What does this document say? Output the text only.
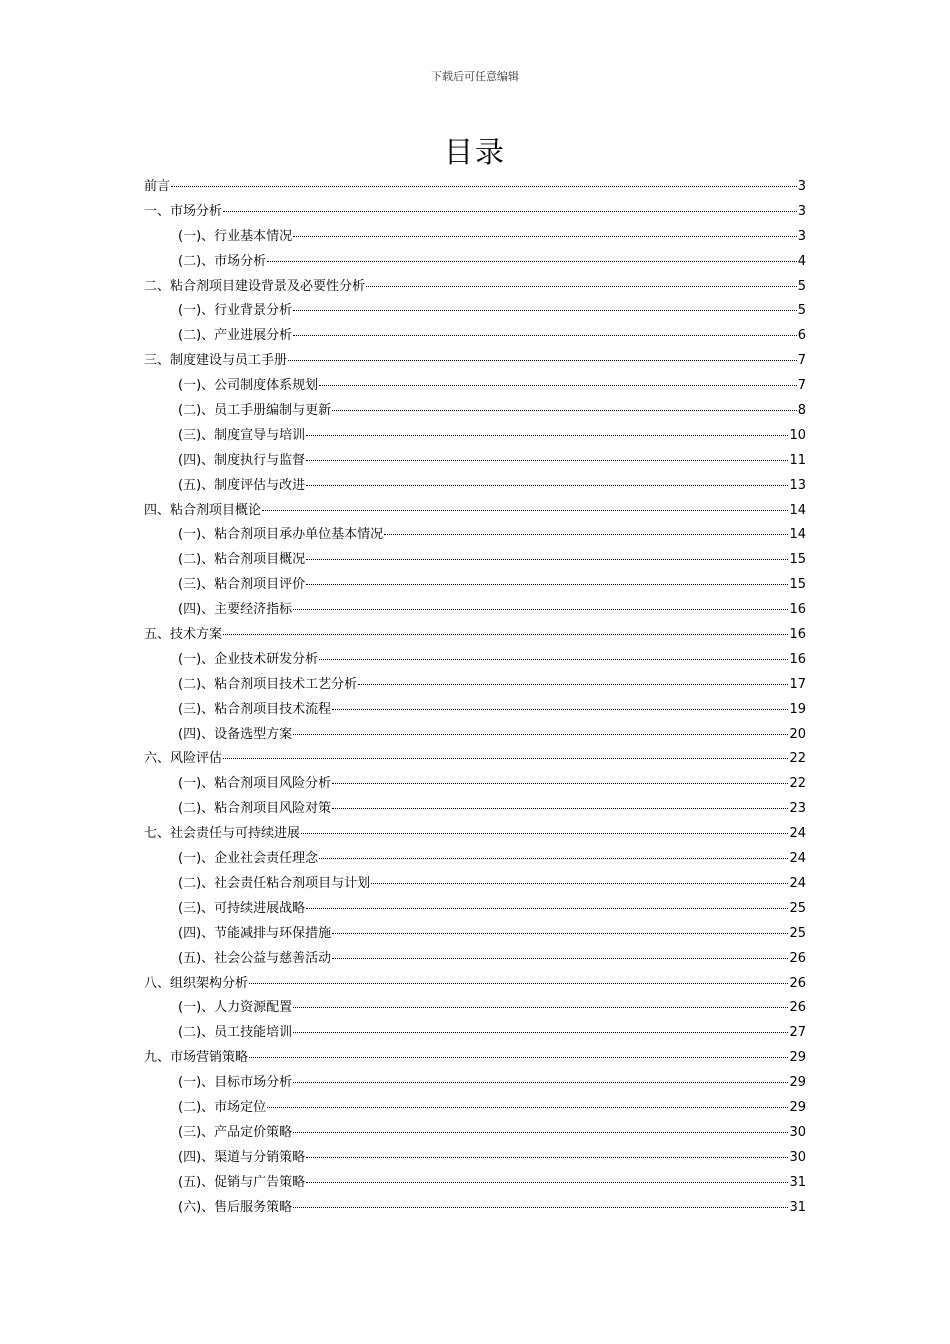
下载后可任意编辑
目录
前言	3
一、市场分析	3
(一)、行业基本情况	3
(二)、市场分析	4
二、粘合剂项目建设背景及必要性分析	5
(一)、行业背景分析	5
(二)、产业进展分析	6
三、制度建设与员工手册	7
(一)、公司制度体系规划	7
(二)、员工手册编制与更新	8
(三)、制度宣导与培训	10
(四)、制度执行与监督	11
(五)、制度评估与改进	13
四、粘合剂项目概论	14
(一)、粘合剂项目承办单位基本情况	14
(二)、粘合剂项目概况	15
(三)、粘合剂项目评价	15
(四)、主要经济指标	16
五、技术方案	16
(一)、企业技术研发分析	16
(二)、粘合剂项目技术工艺分析	17
(三)、粘合剂项目技术流程	19
(四)、设备选型方案	20
六、风险评估	22
(一)、粘合剂项目风险分析	22
(二)、粘合剂项目风险对策	23
七、社会责任与可持续进展	24
(一)、企业社会责任理念	24
(二)、社会责任粘合剂项目与计划	24
(三)、可持续进展战略	25
(四)、节能减排与环保措施	25
(五)、社会公益与慈善活动	26
八、组织架构分析	26
(一)、人力资源配置	26
(二)、员工技能培训	27
九、市场营销策略	29
(一)、目标市场分析	29
(二)、市场定位	29
(三)、产品定价策略	30
(四)、渠道与分销策略	30
(五)、促销与广告策略	31
(六)、售后服务策略	31
